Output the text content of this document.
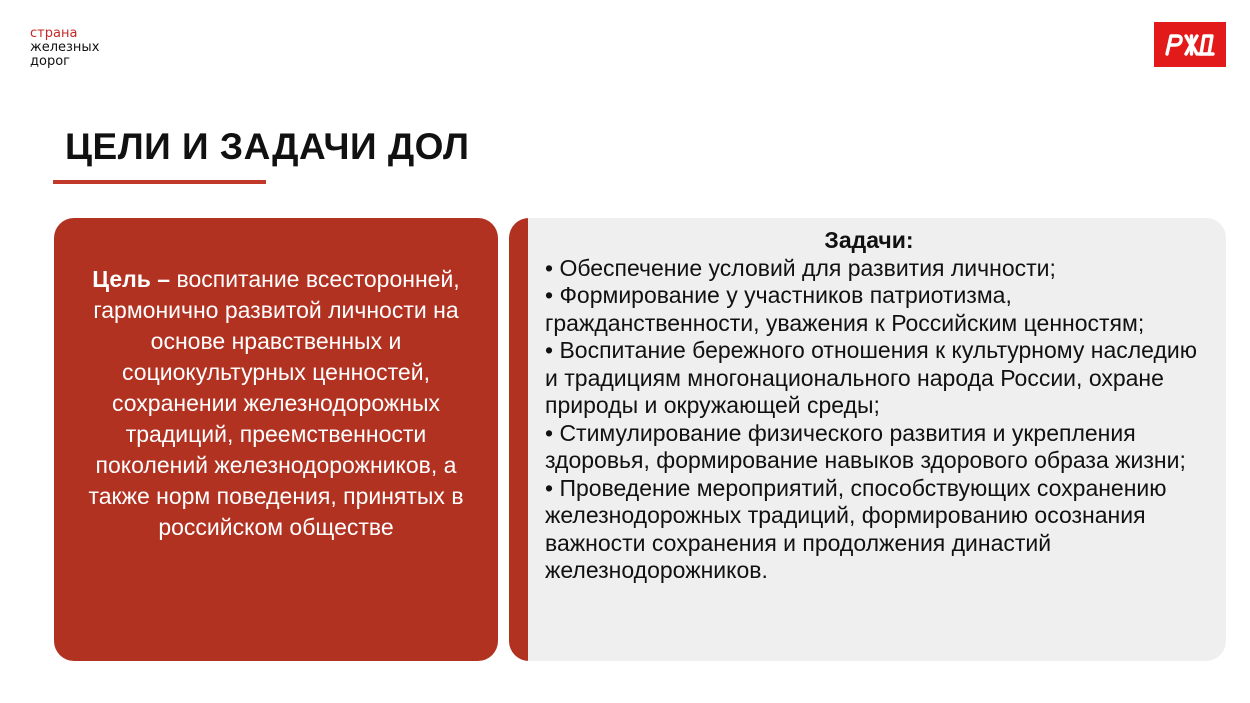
страна
железных
дорог
ЦЕЛИ И ЗАДАЧИ ДОЛ
Цель – воспитание всесторонней, гармонично развитой личности на основе нравственных и социокультурных ценностей, сохранении железнодорожных традиций, преемственности поколений железнодорожников, а также норм поведения, принятых в российском обществе
Задачи:
• Обеспечение условий для развития личности;
• Формирование у участников патриотизма, гражданственности, уважения к Российским ценностям;
• Воспитание бережного отношения к культурному наследию и традициям многонационального народа России, охране природы и окружающей среды;
• Стимулирование физического развития и укрепления здоровья, формирование навыков здорового образа жизни;
• Проведение мероприятий, способствующих сохранению железнодорожных традиций, формированию осознания важности сохранения и продолжения династий железнодорожников.
